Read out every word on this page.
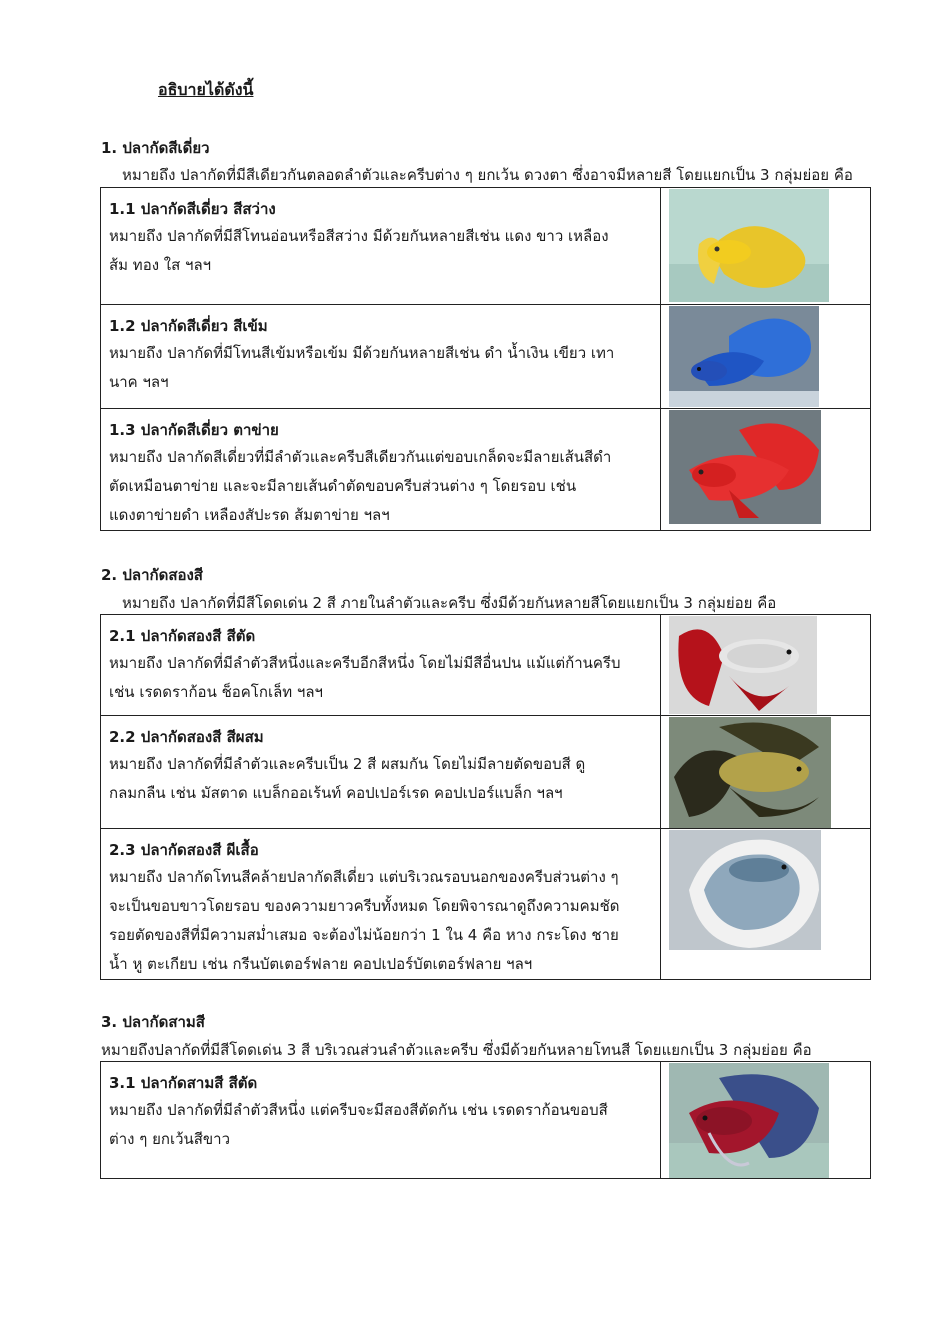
อธิบายได้ดังนี้
1. ปลากัดสีเดี่ยว
หมายถึง ปลากัดที่มีสีเดียวกันตลอดลำตัวและครีบต่าง ๆ ยกเว้น ดวงตา ซึ่งอาจมีหลายสี โดยแยกเป็น 3 กลุ่มย่อย คือ
1.1 ปลากัดสีเดี่ยว สีสว่าง
หมายถึง ปลากัดที่มีสีโทนอ่อนหรือสีสว่าง มีด้วยกันหลายสีเช่น แดง ขาว เหลือง
ส้ม ทอง ใส ฯลฯ

1.2 ปลากัดสีเดี่ยว สีเข้ม
หมายถึง ปลากัดที่มีโทนสีเข้มหรือเข้ม มีด้วยกันหลายสีเช่น ดำ น้ำเงิน เขียว เทา
นาค ฯลฯ

1.3 ปลากัดสีเดี่ยว ตาข่าย
หมายถึง ปลากัดสีเดี่ยวที่มีลำตัวและครีบสีเดียวกันแต่ขอบเกล็ดจะมีลายเส้นสีดำ
ตัดเหมือนตาข่าย และจะมีลายเส้นดำตัดขอบครีบส่วนต่าง ๆ โดยรอบ เช่น
แดงตาข่ายดำ เหลืองสัปะรด ส้มตาข่าย ฯลฯ

2. ปลากัดสองสี
หมายถึง ปลากัดที่มีสีโดดเด่น 2 สี ภายในลำตัวและครีบ ซึ่งมีด้วยกันหลายสีโดยแยกเป็น 3 กลุ่มย่อย คือ
2.1 ปลากัดสองสี สีตัด
หมายถึง ปลากัดที่มีลำตัวสีหนึ่งและครีบอีกสีหนึ่ง โดยไม่มีสีอื่นปน แม้แต่ก้านครีบ
เช่น เรดดราก้อน ช็อคโกเล็ท ฯลฯ

2.2 ปลากัดสองสี สีผสม
หมายถึง ปลากัดที่มีลำตัวและครีบเป็น 2 สี ผสมกัน โดยไม่มีลายตัดขอบสี ดู
กลมกลืน เช่น มัสตาด แบล็กออเร้นท์ คอปเปอร์เรด คอปเปอร์แบล็ก ฯลฯ

2.3 ปลากัดสองสี ผีเสื้อ
หมายถึง ปลากัดโทนสีคล้ายปลากัดสีเดี่ยว แต่บริเวณรอบนอกของครีบส่วนต่าง ๆ
จะเป็นขอบขาวโดยรอบ ของความยาวครีบทั้งหมด โดยพิจารณาดูถึงความคมชัด
รอยตัดของสีที่มีความสม่ำเสมอ จะต้องไม่น้อยกว่า 1 ใน 4 คือ หาง กระโดง ชาย
น้ำ หู ตะเกียบ เช่น กรีนบัตเตอร์ฟลาย คอปเปอร์บัตเตอร์ฟลาย ฯลฯ

3. ปลากัดสามสี
หมายถึงปลากัดที่มีสีโดดเด่น 3 สี บริเวณส่วนลำตัวและครีบ ซึ่งมีด้วยกันหลายโทนสี โดยแยกเป็น 3 กลุ่มย่อย คือ
3.1 ปลากัดสามสี สีตัด
หมายถึง ปลากัดที่มีลำตัวสีหนึ่ง แต่ครีบจะมีสองสีตัดกัน เช่น เรดดราก้อนขอบสี
ต่าง ๆ ยกเว้นสีขาว
